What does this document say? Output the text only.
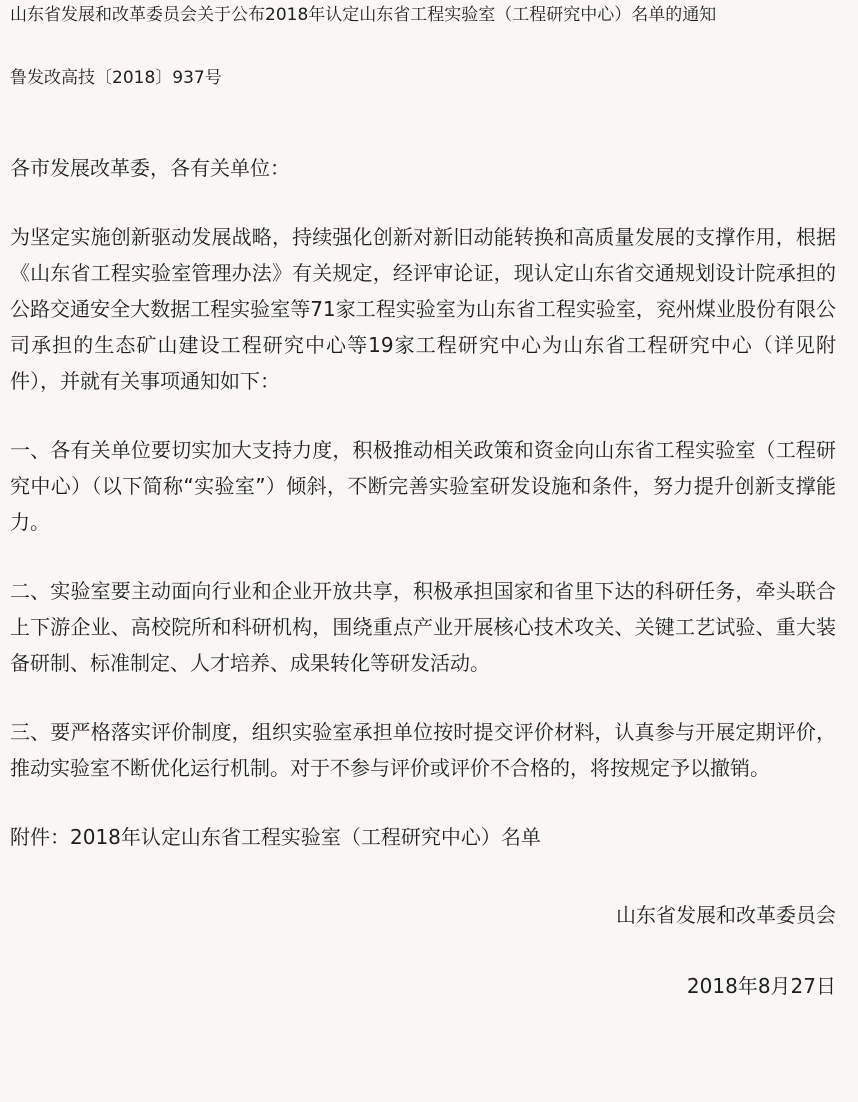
山东省发展和改革委员会关于公布2018年认定山东省工程实验室（工程研究中心）名单的通知
鲁发改高技〔2018〕937号
各市发展改革委，各有关单位：

为坚定实施创新驱动发展战略，持续强化创新对新旧动能转换和高质量发展的支撑作用，根据《山东省工程实验室管理办法》有关规定，经评审论证，现认定山东省交通规划设计院承担的公路交通安全大数据工程实验室等71家工程实验室为山东省工程实验室，兖州煤业股份有限公司承担的生态矿山建设工程研究中心等19家工程研究中心为山东省工程研究中心（详见附件），并就有关事项通知如下：

一、各有关单位要切实加大支持力度，积极推动相关政策和资金向山东省工程实验室（工程研究中心）（以下简称“实验室”）倾斜，不断完善实验室研发设施和条件，努力提升创新支撑能力。

二、实验室要主动面向行业和企业开放共享，积极承担国家和省里下达的科研任务，牵头联合上下游企业、高校院所和科研机构，围绕重点产业开展核心技术攻关、关键工艺试验、重大装备研制、标准制定、人才培养、成果转化等研发活动。

三、要严格落实评价制度，组织实验室承担单位按时提交评价材料，认真参与开展定期评价，推动实验室不断优化运行机制。对于不参与评价或评价不合格的，将按规定予以撤销。

附件：2018年认定山东省工程实验室（工程研究中心）名单
山东省发展和改革委员会
2018年8月27日
